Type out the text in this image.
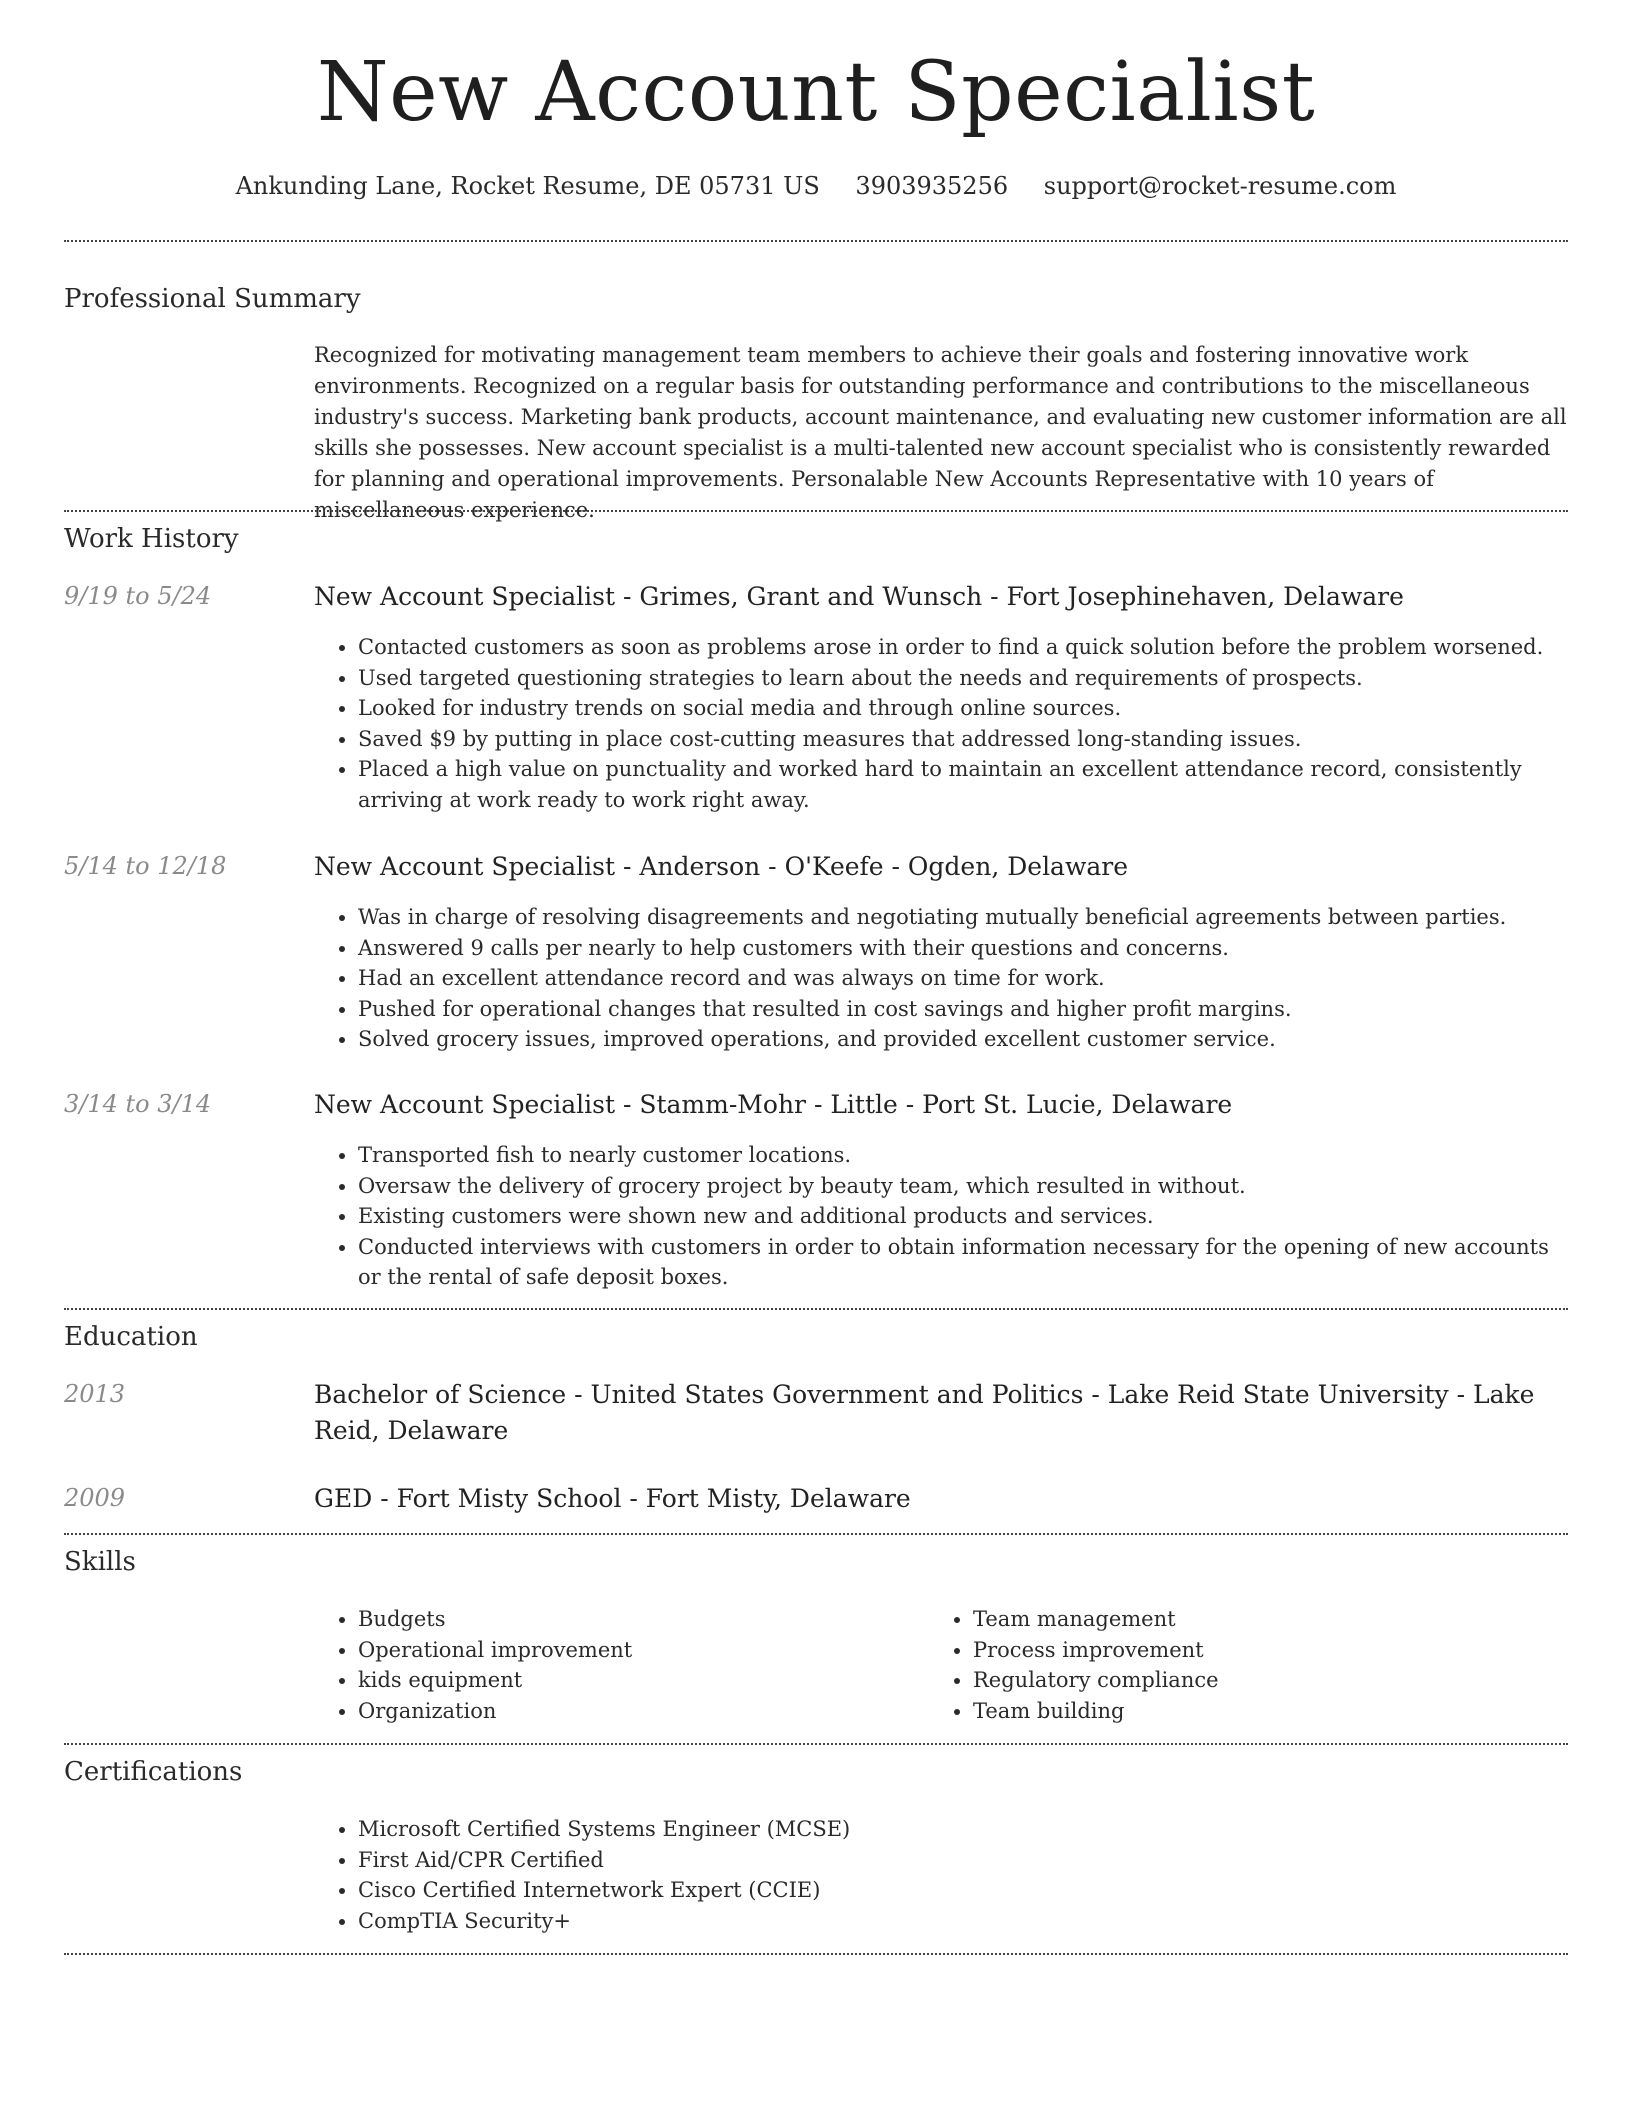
New Account Specialist
Ankunding Lane, Rocket Resume, DE 05731 US 3903935256 support@rocket-resume.com
Professional Summary
Recognized for motivating management team members to achieve their goals and fostering innovative work environments. Recognized on a regular basis for outstanding performance and contributions to the miscellaneous industry's success. Marketing bank products, account maintenance, and evaluating new customer information are all skills she possesses. New account specialist is a multi-talented new account specialist who is consistently rewarded for planning and operational improvements. Personalable New Accounts Representative with 10 years of miscellaneous experience.
Work History
9/19 to 5/24	New Account Specialist - Grimes, Grant and Wunsch - Fort Josephinehaven, Delaware
• Contacted customers as soon as problems arose in order to find a quick solution before the problem worsened.
• Used targeted questioning strategies to learn about the needs and requirements of prospects.
• Looked for industry trends on social media and through online sources.
• Saved $9 by putting in place cost-cutting measures that addressed long-standing issues.
• Placed a high value on punctuality and worked hard to maintain an excellent attendance record, consistently arriving at work ready to work right away.
5/14 to 12/18	New Account Specialist - Anderson - O'Keefe - Ogden, Delaware
• Was in charge of resolving disagreements and negotiating mutually beneficial agreements between parties.
• Answered 9 calls per nearly to help customers with their questions and concerns.
• Had an excellent attendance record and was always on time for work.
• Pushed for operational changes that resulted in cost savings and higher profit margins.
• Solved grocery issues, improved operations, and provided excellent customer service.
3/14 to 3/14	New Account Specialist - Stamm-Mohr - Little - Port St. Lucie, Delaware
• Transported fish to nearly customer locations.
• Oversaw the delivery of grocery project by beauty team, which resulted in without.
• Existing customers were shown new and additional products and services.
• Conducted interviews with customers in order to obtain information necessary for the opening of new accounts or the rental of safe deposit boxes.
Education
2013	Bachelor of Science - United States Government and Politics - Lake Reid State University - Lake Reid, Delaware
2009	GED - Fort Misty School - Fort Misty, Delaware
Skills
• Budgets
• Operational improvement
• kids equipment
• Organization
• Team management
• Process improvement
• Regulatory compliance
• Team building
Certifications
• Microsoft Certified Systems Engineer (MCSE)
• First Aid/CPR Certified
• Cisco Certified Internetwork Expert (CCIE)
• CompTIA Security+
